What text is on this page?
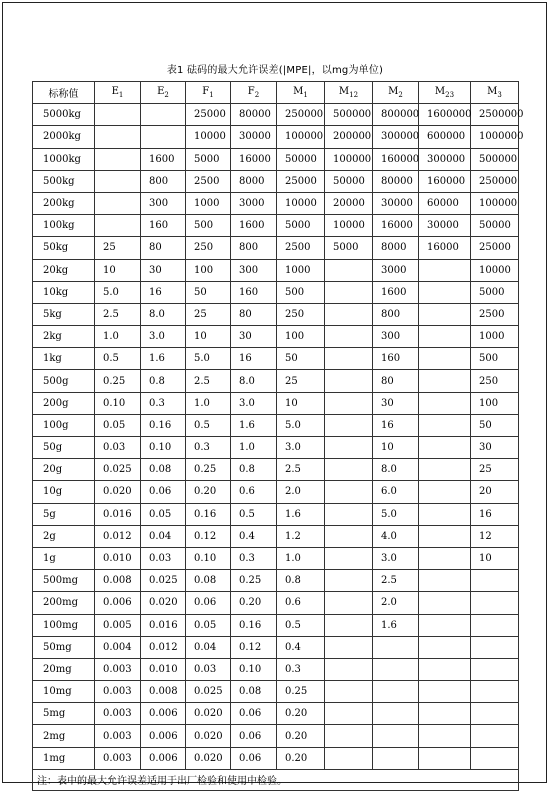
表1 砝码的最大允许误差(|MPE|，以mg为单位)
标称值	$E_1$	$E_2$	$F_1$	$F_2$	$M_1$	$M_{12}$	$M_2$	$M_{23}$	$M_3$
5000kg			25000	80000	250000	500000	800000	1600000	2500000
2000kg			10000	30000	100000	200000	300000	600000	1000000
1000kg		1600	5000	16000	50000	100000	160000	300000	500000
500kg		800	2500	8000	25000	50000	80000	160000	250000
200kg		300	1000	3000	10000	20000	30000	60000	100000
100kg		160	500	1600	5000	10000	16000	30000	50000
50kg	25	80	250	800	2500	5000	8000	16000	25000
20kg	10	30	100	300	1000		3000		10000
10kg	5.0	16	50	160	500		1600		5000
5kg	2.5	8.0	25	80	250		800		2500
2kg	1.0	3.0	10	30	100		300		1000
1kg	0.5	1.6	5.0	16	50		160		500
500g	0.25	0.8	2.5	8.0	25		80		250
200g	0.10	0.3	1.0	3.0	10		30		100
100g	0.05	0.16	0.5	1.6	5.0		16		50
50g	0.03	0.10	0.3	1.0	3.0		10		30
20g	0.025	0.08	0.25	0.8	2.5		8.0		25
10g	0.020	0.06	0.20	0.6	2.0		6.0		20
5g	0.016	0.05	0.16	0.5	1.6		5.0		16
2g	0.012	0.04	0.12	0.4	1.2		4.0		12
1g	0.010	0.03	0.10	0.3	1.0		3.0		10
500mg	0.008	0.025	0.08	0.25	0.8		2.5		
200mg	0.006	0.020	0.06	0.20	0.6		2.0		
100mg	0.005	0.016	0.05	0.16	0.5		1.6		
50mg	0.004	0.012	0.04	0.12	0.4				
20mg	0.003	0.010	0.03	0.10	0.3				
10mg	0.003	0.008	0.025	0.08	0.25				
5mg	0.003	0.006	0.020	0.06	0.20				
2mg	0.003	0.006	0.020	0.06	0.20				
1mg	0.003	0.006	0.020	0.06	0.20				
注：表中的最大允许误差适用于出厂检验和使用中检验。									
